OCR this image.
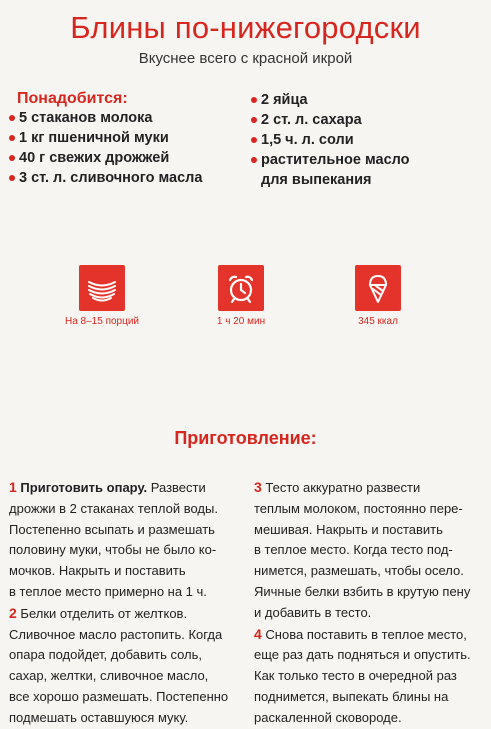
Блины по-нижегородски
Вкуснее всего с красной икрой
Понадобится:
5 стаканов молока
1 кг пшеничной муки
40 г свежих дрожжей
3 ст. л. сливочного масла
2 яйца
2 ст. л. сахара
1,5 ч. л. соли
растительное масло
для выпекания
На 8–15 порций	1 ч 20 мин	345 ккал
Приготовление:

1 Приготовить опару. Развести

дрожжи в 2 стаканах теплой воды.

Постепенно всыпать и размешать

половину муки, чтобы не было ко-

мочков. Накрыть и поставить

в теплое место примерно на 1 ч.

2 Белки отделить от желтков.

Сливочное масло растопить. Когда

опара подойдет, добавить соль,

сахар, желтки, сливочное масло,

все хорошо размешать. Постепенно

подмешать оставшуюся муку.

3 Тесто аккуратно развести

теплым молоком, постоянно пере-

мешивая. Накрыть и поставить

в теплое место. Когда тесто под-

нимется, размешать, чтобы осело.

Яичные белки взбить в крутую пену

и добавить в тесто.

4 Снова поставить в теплое место,

еще раз дать подняться и опустить.

Как только тесто в очередной раз

поднимется, выпекать блины на

раскаленной сковороде.
